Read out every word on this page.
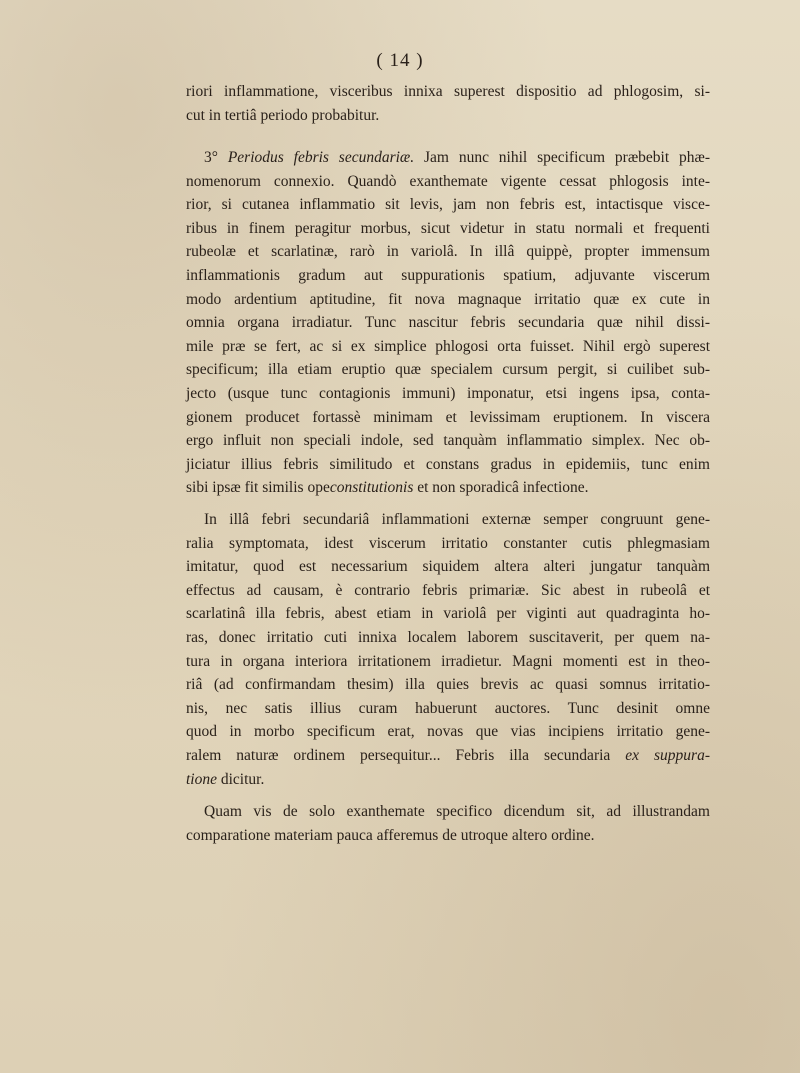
( 14 )
riori inflammatione, visceribus innixa superest dispositio ad phlogosim, si-
cut in tertiâ periodo probabitur.
3° Periodus febris secundariæ. Jam nunc nihil specificum præbebit phæ-
nomenorum connexio. Quandò exanthemate vigente cessat phlogosis inte-
rior, si cutanea inflammatio sit levis, jam non febris est, intactisque visce-
ribus in finem peragitur morbus, sicut videtur in statu normali et frequenti
rubeolæ et scarlatinæ, rarò in variolâ. In illâ quippè, propter immensum
inflammationis gradum aut suppurationis spatium, adjuvante viscerum
modo ardentium aptitudine, fit nova magnaque irritatio quæ ex cute in
omnia organa irradiatur. Tunc nascitur febris secundaria quæ nihil dissi-
mile præ se fert, ac si ex simplice phlogosi orta fuisset. Nihil ergò superest
specificum; illa etiam eruptio quæ specialem cursum pergit, si cuilibet sub-
jecto (usque tunc contagionis immuni) imponatur, etsi ingens ipsa, conta-
gionem producet fortassè minimam et levissimam eruptionem. In viscera
ergo influit non speciali indole, sed tanquàm inflammatio simplex. Nec ob-
jiciatur illius febris similitudo et constans gradus in epidemiis, tunc enim
sibi ipsæ fit similis opeconstitutionis et non sporadicâ infectione.
In illâ febri secundariâ inflammationi externæ semper congruunt gene-
ralia symptomata, idest viscerum irritatio constanter cutis phlegmasiam
imitatur, quod est necessarium siquidem altera alteri jungatur tanquàm
effectus ad causam, è contrario febris primariæ. Sic abest in rubeolâ et
scarlatinâ illa febris, abest etiam in variolâ per viginti aut quadraginta ho-
ras, donec irritatio cuti innixa localem laborem suscitaverit, per quem na-
tura in organa interiora irritationem irradietur. Magni momenti est in theo-
riâ (ad confirmandam thesim) illa quies brevis ac quasi somnus irritatio-
nis, nec satis illius curam habuerunt auctores. Tunc desinit omne
quod in morbo specificum erat, novas que vias incipiens irritatio gene-
ralem naturæ ordinem persequitur... Febris illa secundaria ex suppura-
tione dicitur.
Quam vis de solo exanthemate specifico dicendum sit, ad illustrandam
comparatione materiam pauca afferemus de utroque altero ordine.
